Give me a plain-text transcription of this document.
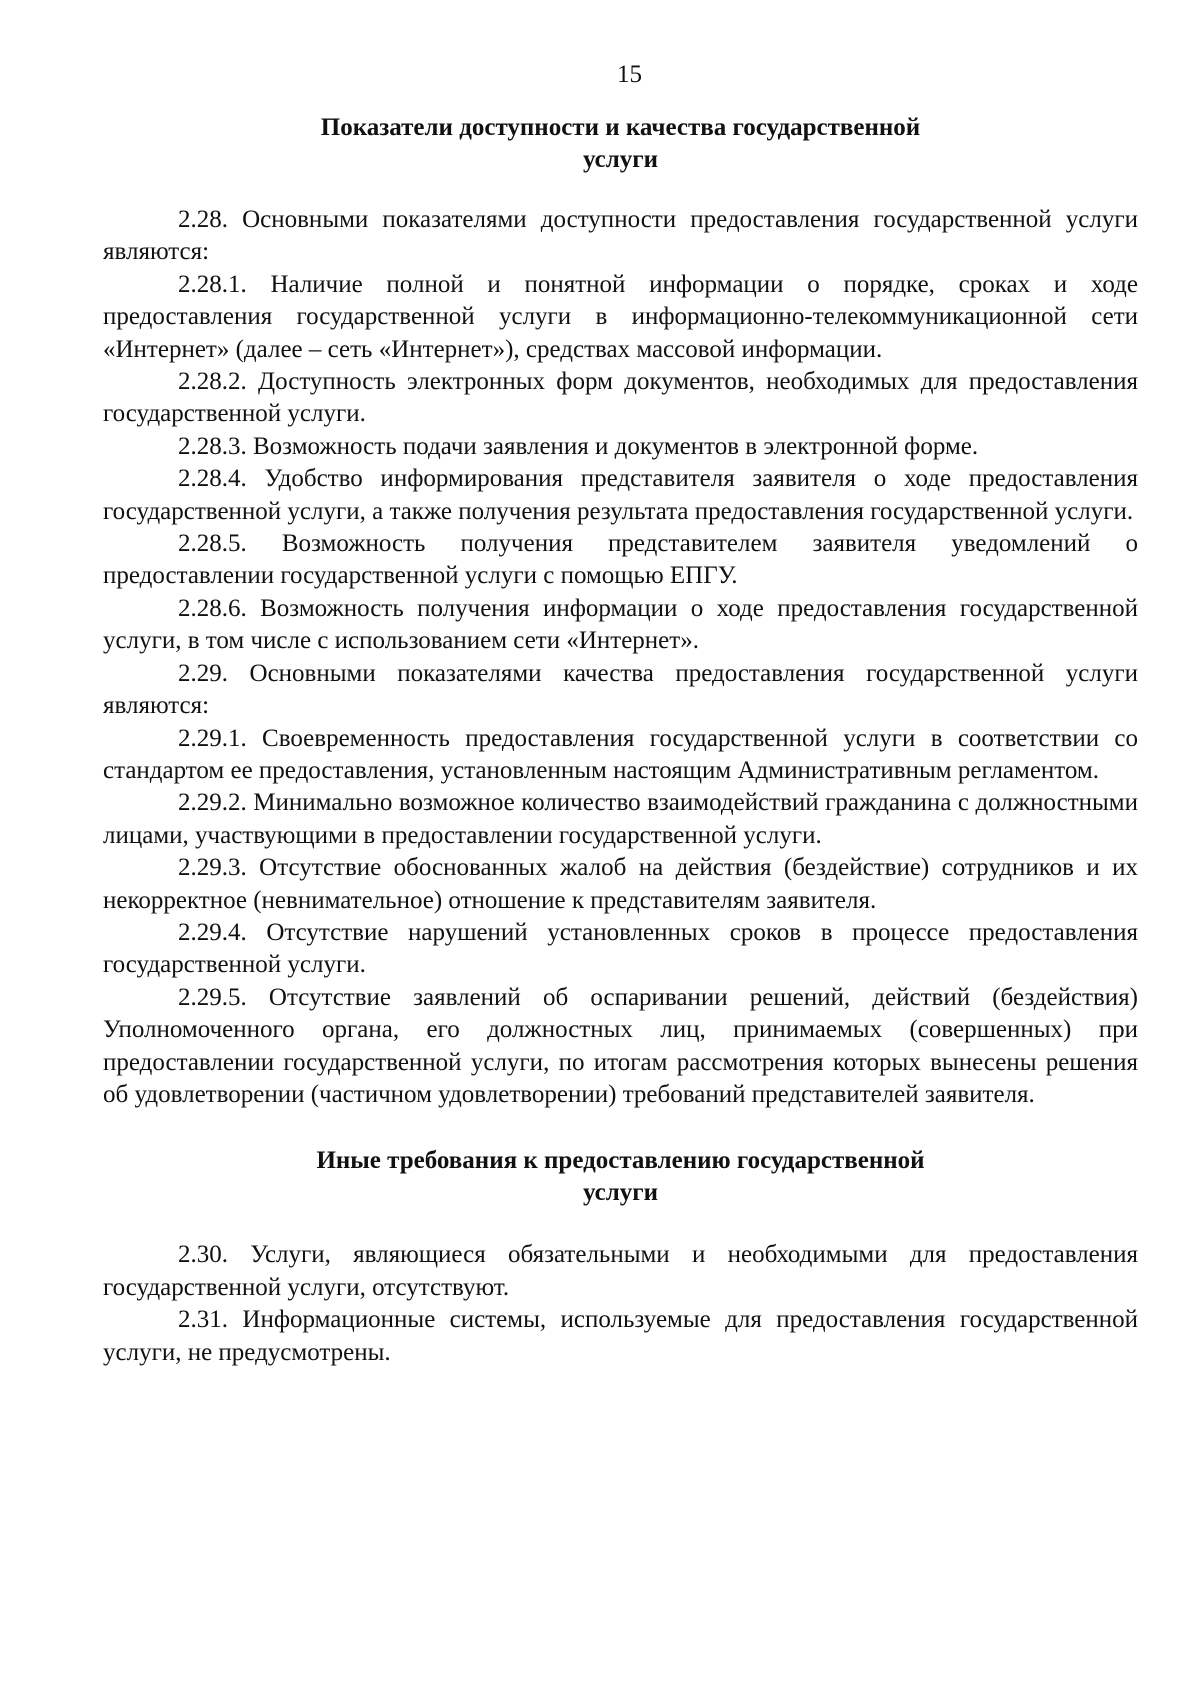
15
Показатели доступности и качества государственной
услуги

2.28. Основными показателями доступности предоставления государственной услуги являются:

2.28.1. Наличие полной и понятной информации о порядке, сроках и ходе предоставления государственной услуги в информационно-телекоммуникационной сети «Интернет» (далее – сеть «Интернет»), средствах массовой информации.

2.28.2. Доступность электронных форм документов, необходимых для предоставления государственной услуги.

2.28.3. Возможность подачи заявления и документов в электронной форме.

2.28.4. Удобство информирования представителя заявителя о ходе предоставления государственной услуги, а также получения результата предоставления государственной услуги.

2.28.5. Возможность получения представителем заявителя уведомлений о предоставлении государственной услуги с помощью ЕПГУ.

2.28.6. Возможность получения информации о ходе предоставления государственной услуги, в том числе с использованием сети «Интернет».

2.29. Основными показателями качества предоставления государственной услуги являются:

2.29.1. Своевременность предоставления государственной услуги в соответствии со стандартом ее предоставления, установленным настоящим Административным регламентом.

2.29.2. Минимально возможное количество взаимодействий гражданина с должностными лицами, участвующими в предоставлении государственной услуги.

2.29.3. Отсутствие обоснованных жалоб на действия (бездействие) сотрудников и их некорректное (невнимательное) отношение к представителям заявителя.

2.29.4. Отсутствие нарушений установленных сроков в процессе предоставления государственной услуги.

2.29.5. Отсутствие заявлений об оспаривании решений, действий (бездействия) Уполномоченного органа, его должностных лиц, принимаемых (совершенных) при предоставлении государственной услуги, по итогам рассмотрения которых вынесены решения об удовлетворении (частичном удовлетворении) требований представителей заявителя.

Иные требования к предоставлению государственной
услуги

2.30. Услуги, являющиеся обязательными и необходимыми для предоставления государственной услуги, отсутствуют.

2.31. Информационные системы, используемые для предоставления государственной услуги, не предусмотрены.
